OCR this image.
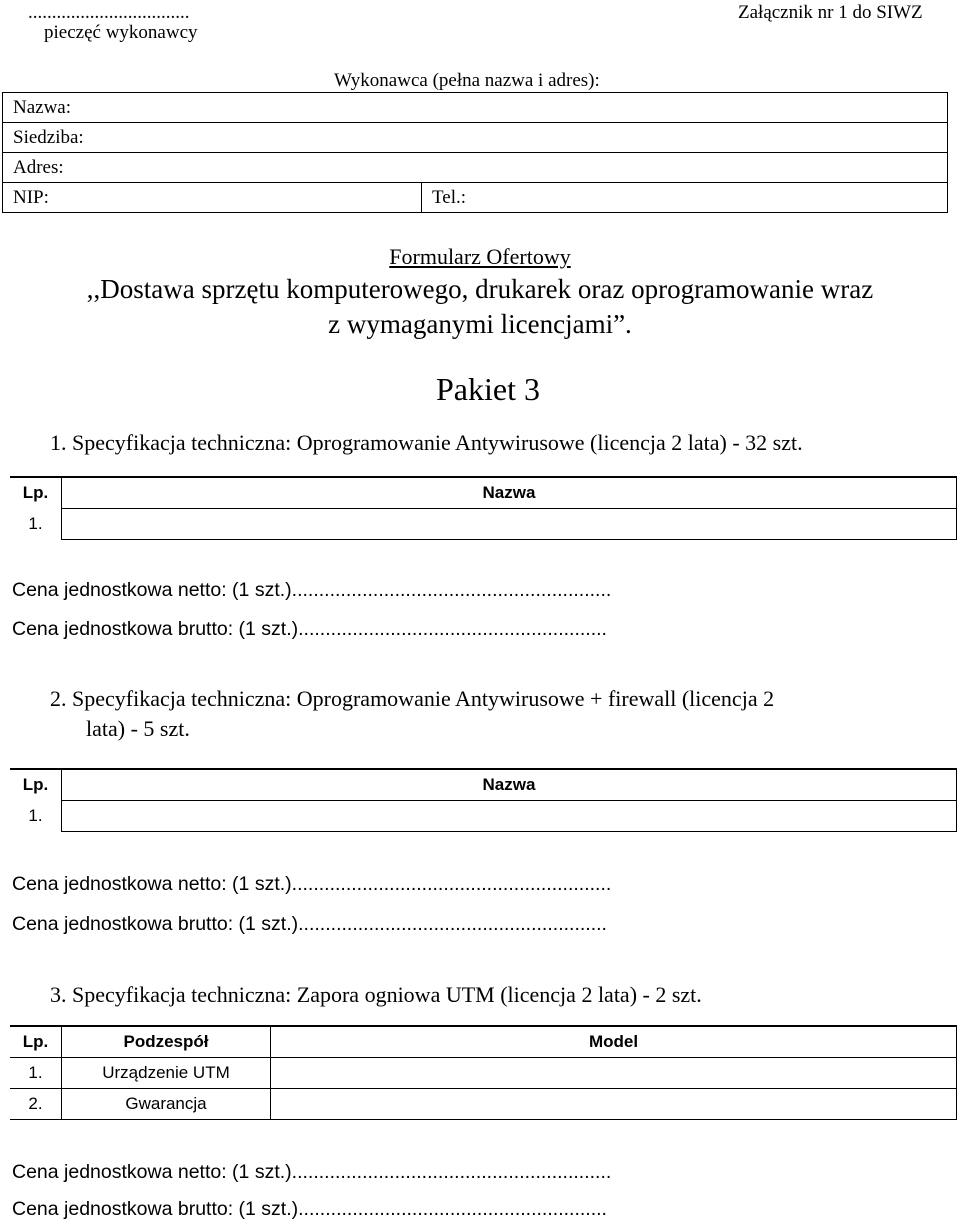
..................................
pieczęć wykonawcy
Załącznik nr 1 do SIWZ
Wykonawca (pełna nazwa i adres):
Nazwa:
Siedziba:
Adres:
NIP:	Tel.:
Formularz Ofertowy
,,Dostawa sprzętu komputerowego, drukarek oraz oprogramowanie wraz
z wymaganymi licencjami”.
Pakiet 3
1. Specyfikacja techniczna: Oprogramowanie Antywirusowe (licencja 2 lata) - 32 szt.
Lp.	Nazwa
1.	
Cena jednostkowa netto: (1 szt.)...........................................................
Cena jednostkowa brutto: (1 szt.).........................................................
2. Specyfikacja techniczna: Oprogramowanie Antywirusowe + firewall (licencja 2
lata) - 5 szt.
Lp.	Nazwa
1.	
Cena jednostkowa netto: (1 szt.)...........................................................
Cena jednostkowa brutto: (1 szt.).........................................................
3. Specyfikacja techniczna: Zapora ogniowa UTM (licencja 2 lata) - 2 szt.
Lp.	Podzespół	Model
1.	Urządzenie UTM	
2.	Gwarancja	
Cena jednostkowa netto: (1 szt.)...........................................................
Cena jednostkowa brutto: (1 szt.).........................................................
